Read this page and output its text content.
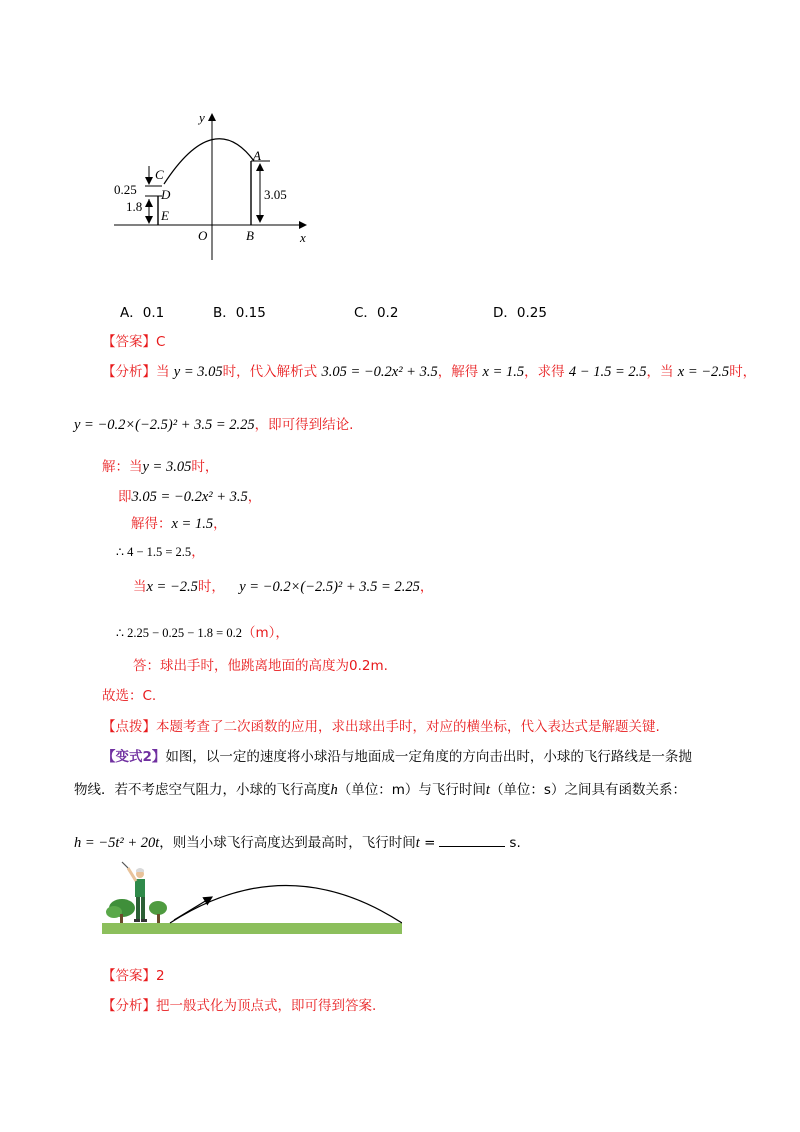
y
x
O
A
B
C
D
E
0.25
1.8
3.05
A．0.1	B．0.15	C．0.2	D．0.25
【答案】C
【分析】当 y = 3.05时，代入解析式 3.05 = −0.2x² + 3.5，解得 x = 1.5，求得 4 − 1.5 = 2.5，当 x = −2.5时，
y = −0.2×(−2.5)² + 3.5 = 2.25，即可得到结论.
解：当y = 3.05时，
即3.05 = −0.2x² + 3.5，
解得：x = 1.5，
∴ 4 − 1.5 = 2.5，
当x = −2.5时， y = −0.2×(−2.5)² + 3.5 = 2.25，
∴ 2.25 − 0.25 − 1.8 = 0.2（m），
答：球出手时，他跳离地面的高度为0.2m.
故选：C.
【点拨】本题考查了二次函数的应用，求出球出手时，对应的横坐标，代入表达式是解题关键.
【变式2】如图，以一定的速度将小球沿与地面成一定角度的方向击出时，小球的飞行路线是一条抛
物线．若不考虑空气阻力，小球的飞行高度h（单位：m）与飞行时间t（单位：s）之间具有函数关系：
h = −5t² + 20t，则当小球飞行高度达到最高时，飞行时间t =	s.
【答案】2
【分析】把一般式化为顶点式，即可得到答案.
